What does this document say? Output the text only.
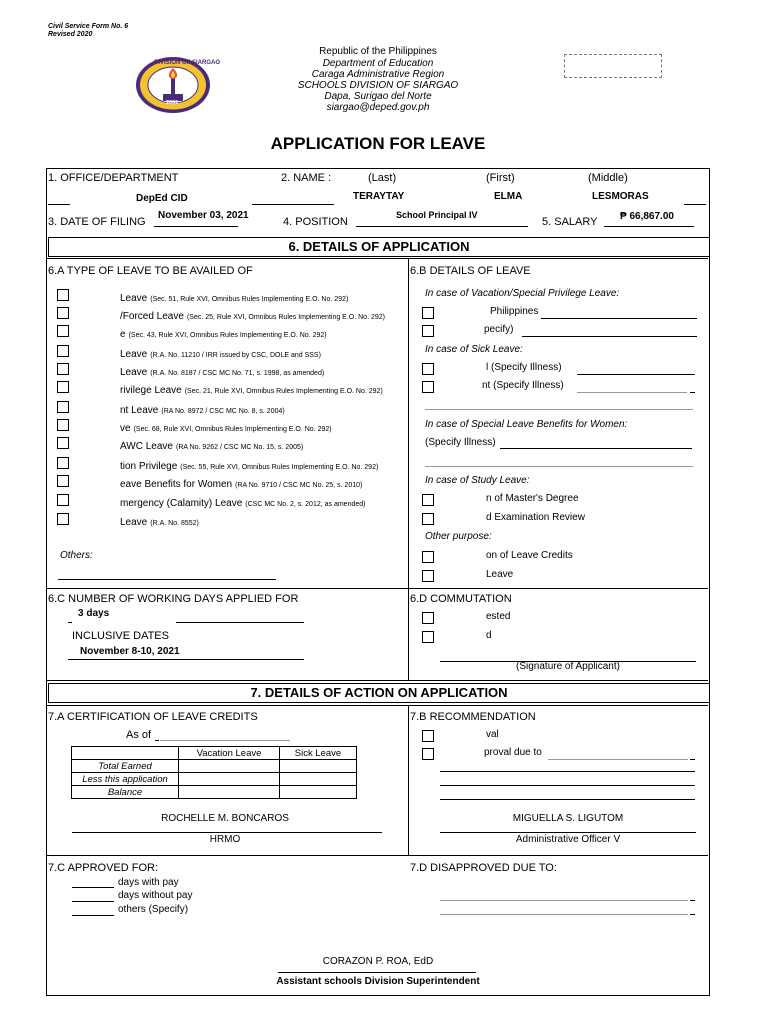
Civil Service Form No. 6
Revised 2020
DIVISION OF SIARGAO
2001
Republic of the Philippines
Department of Education
Caraga Administrative Region
SCHOOLS DIVISION OF SIARGAO
Dapa, Surigao del Norte
siargao@deped.gov.ph
APPLICATION FOR LEAVE
1. OFFICE/DEPARTMENT	2. NAME :	(Last)	(First)	(Middle)
DepEd CID	TERAYTAY	ELMA	LESMORAS
3. DATE OF FILING
November 03, 2021
4. POSITION
School Principal IV
5. SALARY ₱ 66,867.00
6. DETAILS OF APPLICATION
6.A TYPE OF LEAVE TO BE AVAILED OF
Leave (Sec. 51, Rule XVI, Omnibus Rules Implementing E.O. No. 292)
/Forced Leave (Sec. 25, Rule XVI, Omnibus Rules Implementing E.O. No. 292)
e (Sec. 43, Rule XVI, Omnibus Rules Implementing E.O. No. 292)
Leave (R.A. No. 11210 / IRR issued by CSC, DOLE and SSS)
Leave (R.A. No. 8187 / CSC MC No. 71, s. 1998, as amended)
rivilege Leave (Sec. 21, Rule XVI, Omnibus Rules Implementing E.O. No. 292)
nt Leave (RA No. 8972 / CSC MC No. 8, s. 2004)
ve (Sec. 68, Rule XVI, Omnibus Rules Implementing E.O. No. 292)
AWC Leave (RA No. 9262 / CSC MC No. 15, s. 2005)
tion Privilege (Sec. 55, Rule XVI, Omnibus Rules Implementing E.O. No. 292)
eave Benefits for Women (RA No. 9710 / CSC MC No. 25, s. 2010)
mergency (Calamity) Leave (CSC MC No. 2, s. 2012, as amended)
Leave (R.A. No. 8552)
Others:
6.B DETAILS OF LEAVE
In case of Vacation/Special Privilege Leave:
Philippines
pecify)
In case of Sick Leave:
l (Specify Illness)
nt (Specify Illness)
In case of Special Leave Benefits for Women:
(Specify Illness)
In case of Study Leave:
n of Master's Degree
d Examination Review
Other purpose:
on of Leave Credits
Leave
6.C NUMBER OF WORKING DAYS APPLIED FOR
3 days
INCLUSIVE DATES
November 8-10, 2021
6.D COMMUTATION
ested
d
(Signature of Applicant)
7. DETAILS OF ACTION ON APPLICATION
7.A CERTIFICATION OF LEAVE CREDITS
As of
	Vacation Leave	Sick Leave
Total Earned		
Less this application		
Balance		
ROCHELLE M. BONCAROS
HRMO
7.B RECOMMENDATION
val
proval due to
MIGUELLA S. LIGUTOM
Administrative Officer V
7.C APPROVED FOR:
days with pay
days without pay
others (Specify)
7.D DISAPPROVED DUE TO:
CORAZON P. ROA, EdD
Assistant schools Division Superintendent
